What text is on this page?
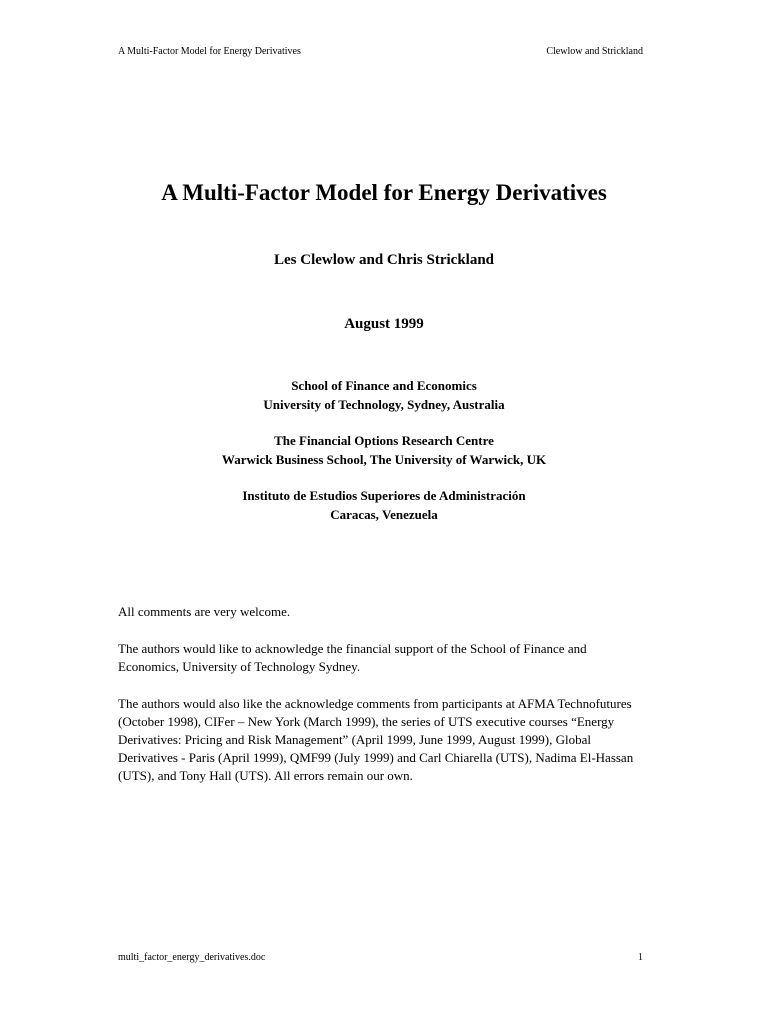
A Multi-Factor Model for Energy Derivatives	Clewlow and Strickland
A Multi-Factor Model for Energy Derivatives
Les Clewlow and Chris Strickland
August 1999
School of Finance and Economics
University of Technology, Sydney, Australia
The Financial Options Research Centre
Warwick Business School, The University of Warwick, UK
Instituto de Estudios Superiores de Administración
Caracas, Venezuela
All comments are very welcome.
The authors would like to acknowledge the financial support of the School of Finance and
Economics, University of Technology Sydney.
The authors would also like the acknowledge comments from participants at AFMA Technofutures
(October 1998), CIFer – New York (March 1999), the series of UTS executive courses “Energy
Derivatives: Pricing and Risk Management” (April 1999, June 1999, August 1999), Global
Derivatives - Paris (April 1999), QMF99 (July 1999) and Carl Chiarella (UTS), Nadima El-Hassan
(UTS), and Tony Hall (UTS). All errors remain our own.
multi_factor_energy_derivatives.doc	1
